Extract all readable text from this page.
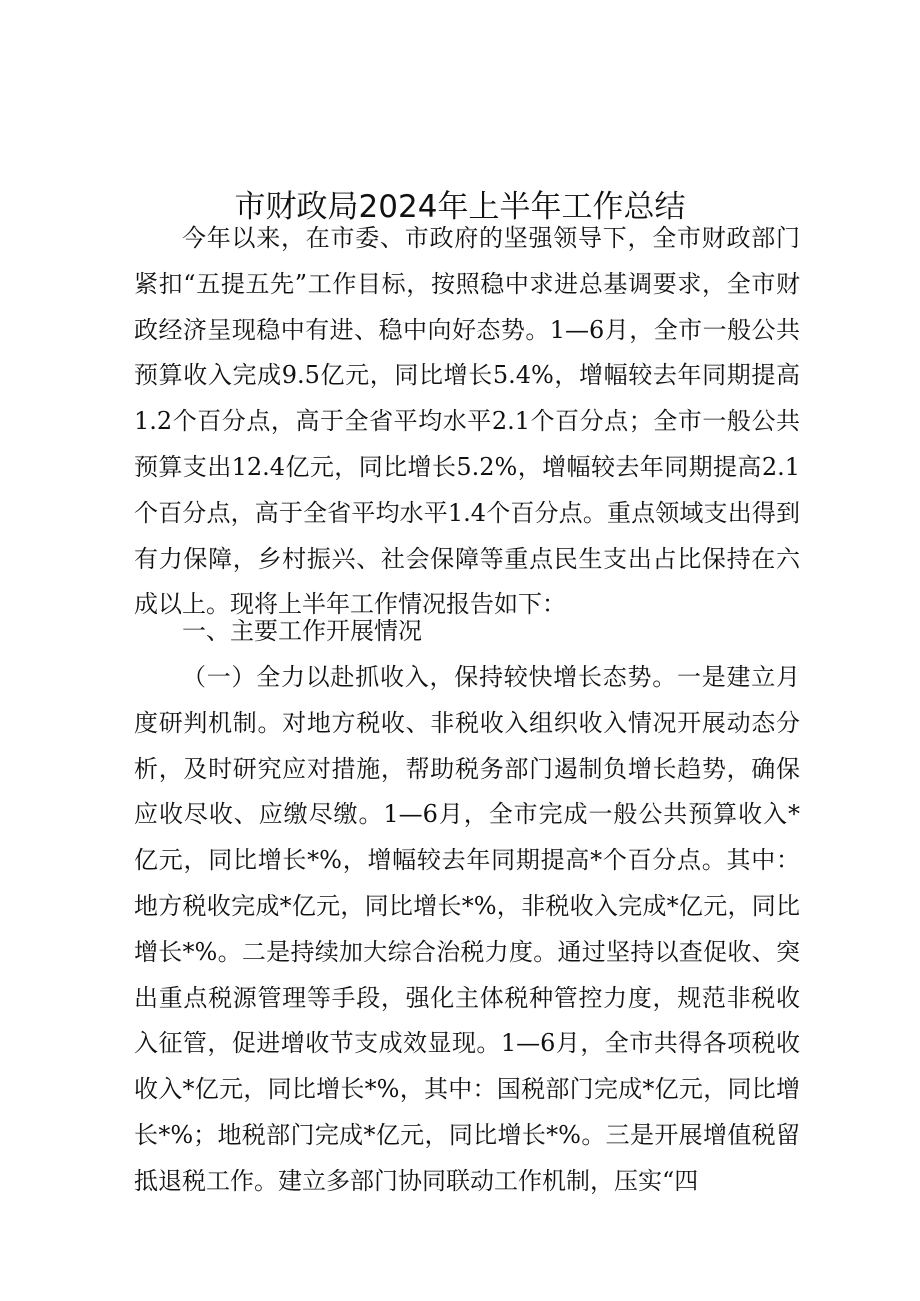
市财政局2024年上半年工作总结

今年以来，在市委、市政府的坚强领导下，全市财政部门紧扣“五提五先”工作目标，按照稳中求进总基调要求，全市财政经济呈现稳中有进、稳中向好态势。1—6月，全市一般公共预算收入完成9.5亿元，同比增长5.4%，增幅较去年同期提高1.2个百分点，高于全省平均水平2.1个百分点；全市一般公共预算支出12.4亿元，同比增长5.2%，增幅较去年同期提高2.1个百分点，高于全省平均水平1.4个百分点。重点领域支出得到有力保障，乡村振兴、社会保障等重点民生支出占比保持在六成以上。现将上半年工作情况报告如下：

一、主要工作开展情况

（一）全力以赴抓收入，保持较快增长态势。一是建立月度研判机制。对地方税收、非税收入组织收入情况开展动态分析，及时研究应对措施，帮助税务部门遏制负增长趋势，确保应收尽收、应缴尽缴。1—6月，全市完成一般公共预算收入*亿元，同比增长*%，增幅较去年同期提高*个百分点。其中：地方税收完成*亿元，同比增长*%，非税收入完成*亿元，同比增长*%。二是持续加大综合治税力度。通过坚持以查促收、突出重点税源管理等手段，强化主体税种管控力度，规范非税收入征管，促进增收节支成效显现。1—6月，全市共得各项税收收入*亿元，同比增长*%，其中：国税部门完成*亿元，同比增长*%；地税部门完成*亿元，同比增长*%。三是开展增值税留抵退税工作。建立多部门协同联动工作机制，压实“四
